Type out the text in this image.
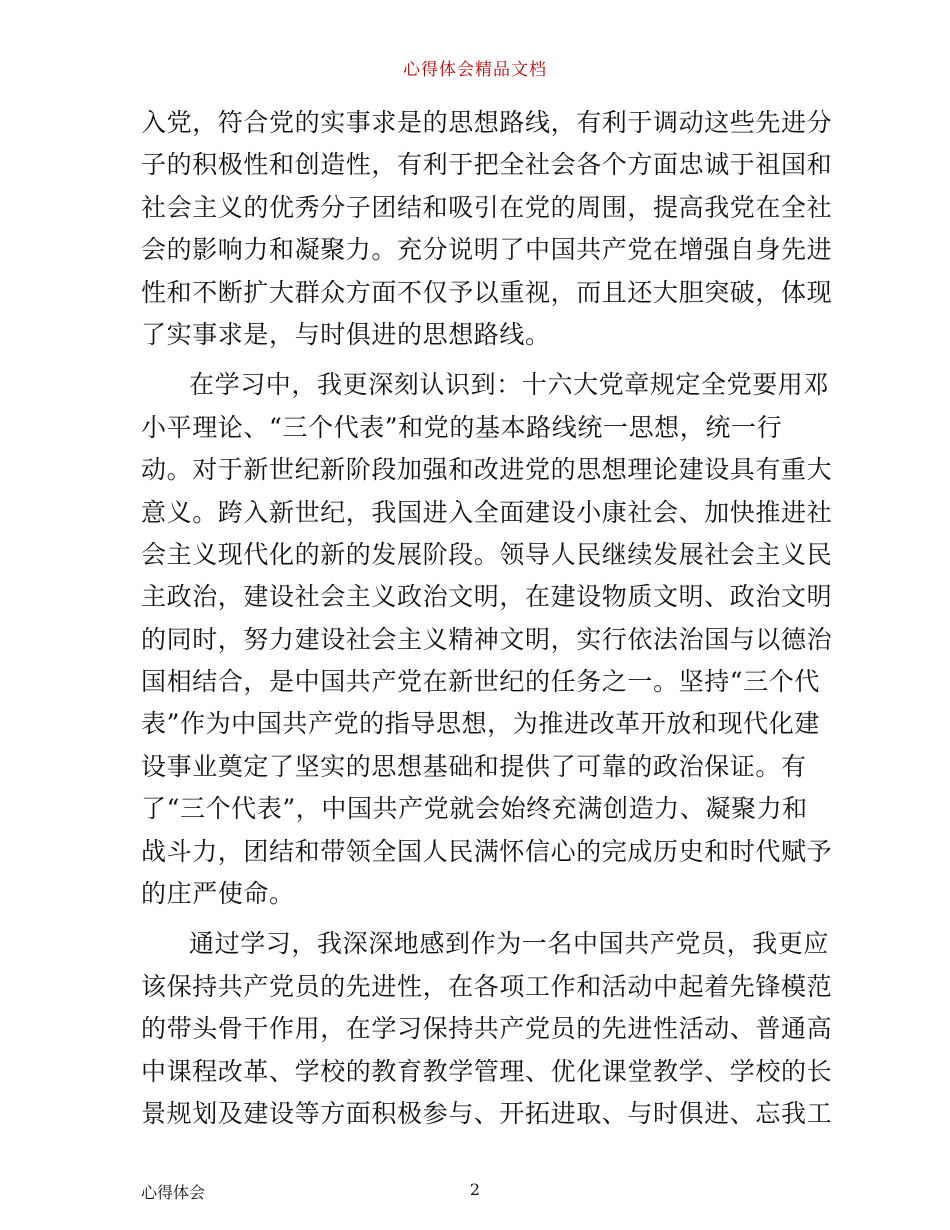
心得体会精品文档
入党，符合党的实事求是的思想路线，有利于调动这些先进分
子的积极性和创造性，有利于把全社会各个方面忠诚于祖国和
社会主义的优秀分子团结和吸引在党的周围，提高我党在全社
会的影响力和凝聚力。充分说明了中国共产党在增强自身先进
性和不断扩大群众方面不仅予以重视，而且还大胆突破，体现
了实事求是，与时俱进的思想路线。
在学习中，我更深刻认识到：十六大党章规定全党要用邓
小平理论、“三个代表”和党的基本路线统一思想，统一行
动。对于新世纪新阶段加强和改进党的思想理论建设具有重大
意义。跨入新世纪，我国进入全面建设小康社会、加快推进社
会主义现代化的新的发展阶段。领导人民继续发展社会主义民
主政治，建设社会主义政治文明，在建设物质文明、政治文明
的同时，努力建设社会主义精神文明，实行依法治国与以德治
国相结合，是中国共产党在新世纪的任务之一。坚持“三个代
表”作为中国共产党的指导思想，为推进改革开放和现代化建
设事业奠定了坚实的思想基础和提供了可靠的政治保证。有
了“三个代表”，中国共产党就会始终充满创造力、凝聚力和
战斗力，团结和带领全国人民满怀信心的完成历史和时代赋予
的庄严使命。
通过学习，我深深地感到作为一名中国共产党员，我更应
该保持共产党员的先进性，在各项工作和活动中起着先锋模范
的带头骨干作用，在学习保持共产党员的先进性活动、普通高
中课程改革、学校的教育教学管理、优化课堂教学、学校的长
景规划及建设等方面积极参与、开拓进取、与时俱进、忘我工
心得体会	2
